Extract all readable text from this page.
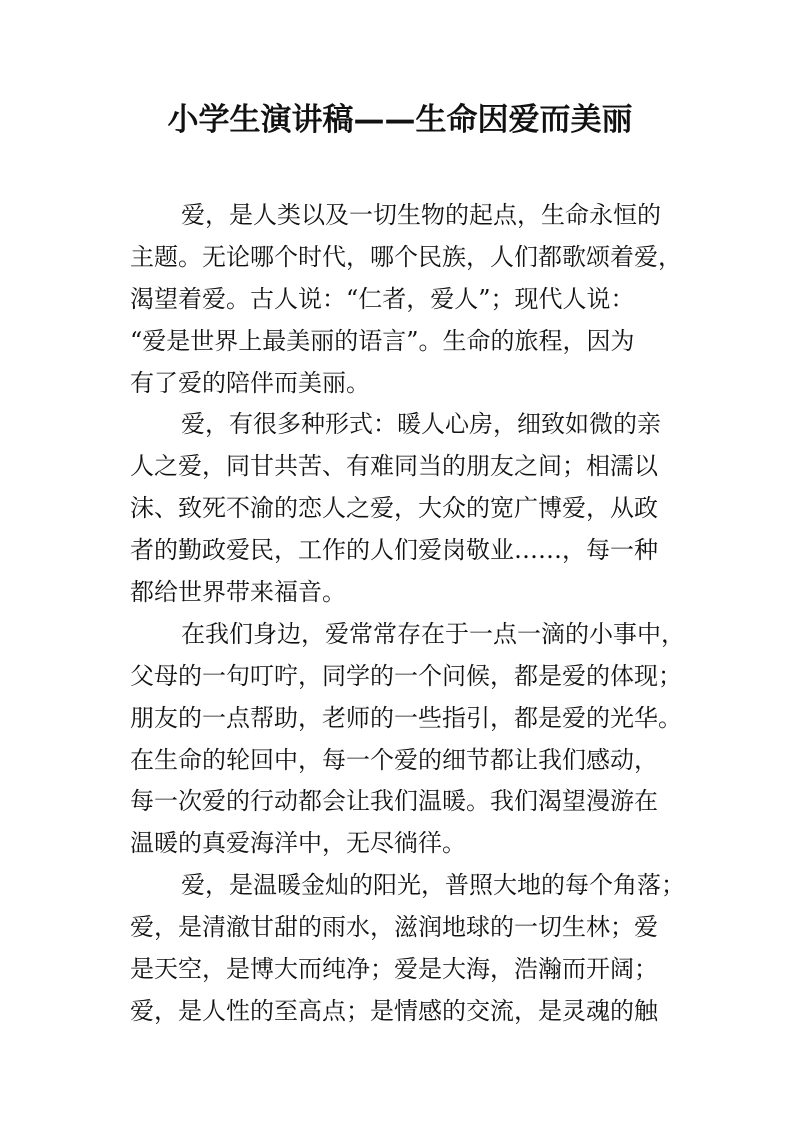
小学生演讲稿——生命因爱而美丽
爱，是人类以及一切生物的起点，生命永恒的
主题。无论哪个时代，哪个民族，人们都歌颂着爱，
渴望着爱。古人说：“仁者，爱人”；现代人说：
“爱是世界上最美丽的语言”。生命的旅程，因为
有了爱的陪伴而美丽。
爱，有很多种形式：暖人心房，细致如微的亲
人之爱，同甘共苦、有难同当的朋友之间；相濡以
沫、致死不渝的恋人之爱，大众的宽广博爱，从政
者的勤政爱民，工作的人们爱岗敬业……，每一种
都给世界带来福音。
在我们身边，爱常常存在于一点一滴的小事中，
父母的一句叮咛，同学的一个问候，都是爱的体现；
朋友的一点帮助，老师的一些指引，都是爱的光华。
在生命的轮回中，每一个爱的细节都让我们感动，
每一次爱的行动都会让我们温暖。我们渴望漫游在
温暖的真爱海洋中，无尽徜徉。
爱，是温暖金灿的阳光，普照大地的每个角落；
爱，是清澈甘甜的雨水，滋润地球的一切生林；爱
是天空，是博大而纯净；爱是大海，浩瀚而开阔；
爱，是人性的至高点；是情感的交流，是灵魂的触
